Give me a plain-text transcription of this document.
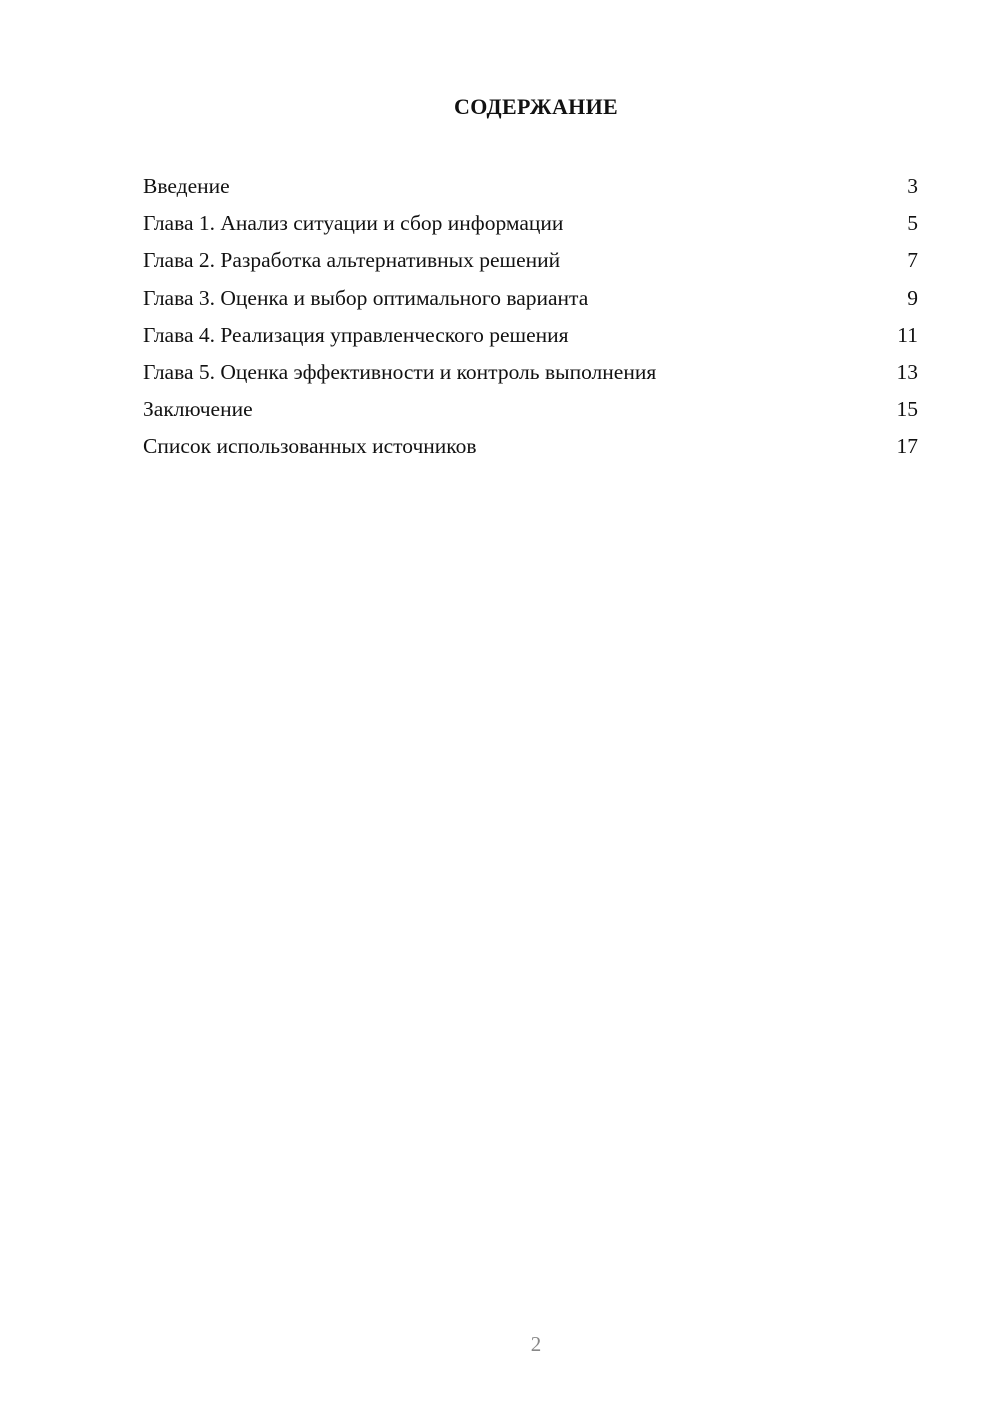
СОДЕРЖАНИЕ
Введение	3
Глава 1. Анализ ситуации и сбор информации	5
Глава 2. Разработка альтернативных решений	7
Глава 3. Оценка и выбор оптимального варианта	9
Глава 4. Реализация управленческого решения	11
Глава 5. Оценка эффективности и контроль выполнения	13
Заключение	15
Список использованных источников	17
2
